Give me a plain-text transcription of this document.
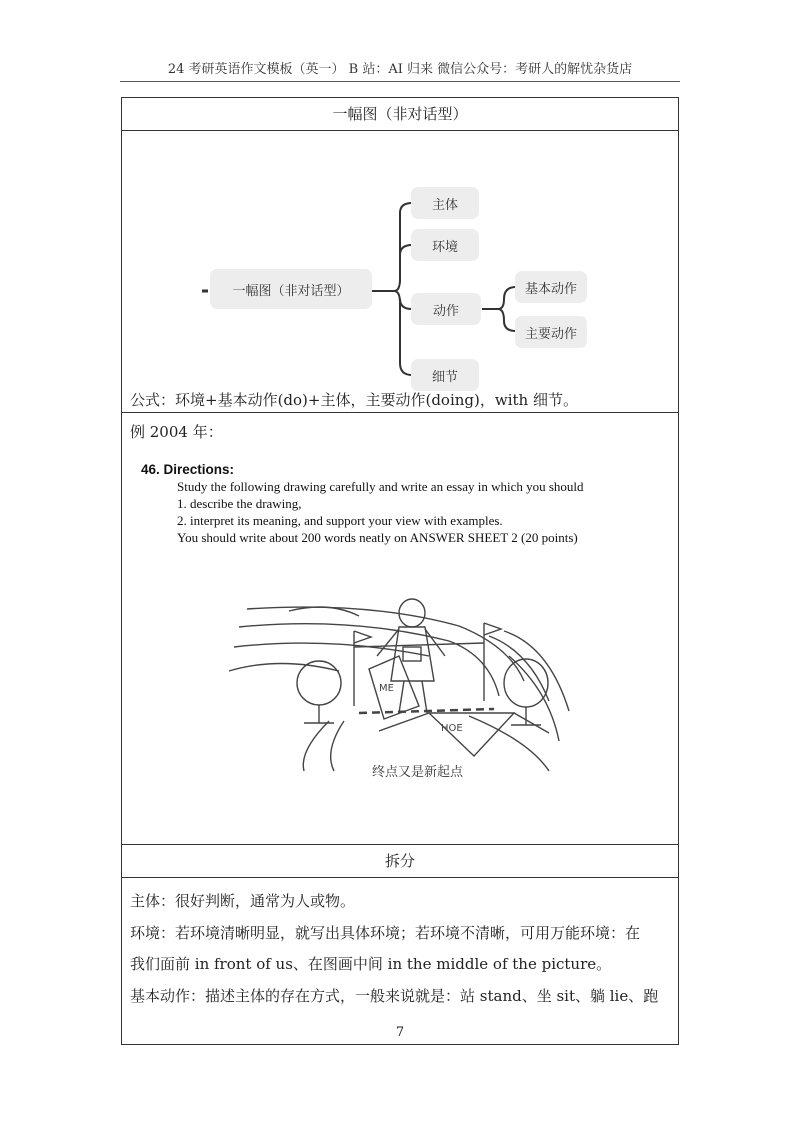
24 考研英语作文模板（英一） B 站：AI 归来 微信公众号：考研人的解忧杂货店
一幅图（非对话型）

一幅图（非对话型）
主体
环境
动作
细节
基本动作
主要动作
公式：环境+基本动作(do)+主体，主要动作(doing)，with 细节。

例 2004 年：
46. Directions:
Study the following drawing carefully and write an essay in which you should
1. describe the drawing,
2. interpret its meaning, and support your view with examples.
You should write about 200 words neatly on ANSWER SHEET 2 (20 points)
ME
HOE
终点又是新起点

拆分

主体：很好判断，通常为人或物。
环境：若环境清晰明显，就写出具体环境；若环境不清晰，可用万能环境：在
我们面前 in front of us、在图画中间 in the middle of the picture。
基本动作：描述主体的存在方式，一般来说就是：站 stand、坐 sit、躺 lie、跑
7
